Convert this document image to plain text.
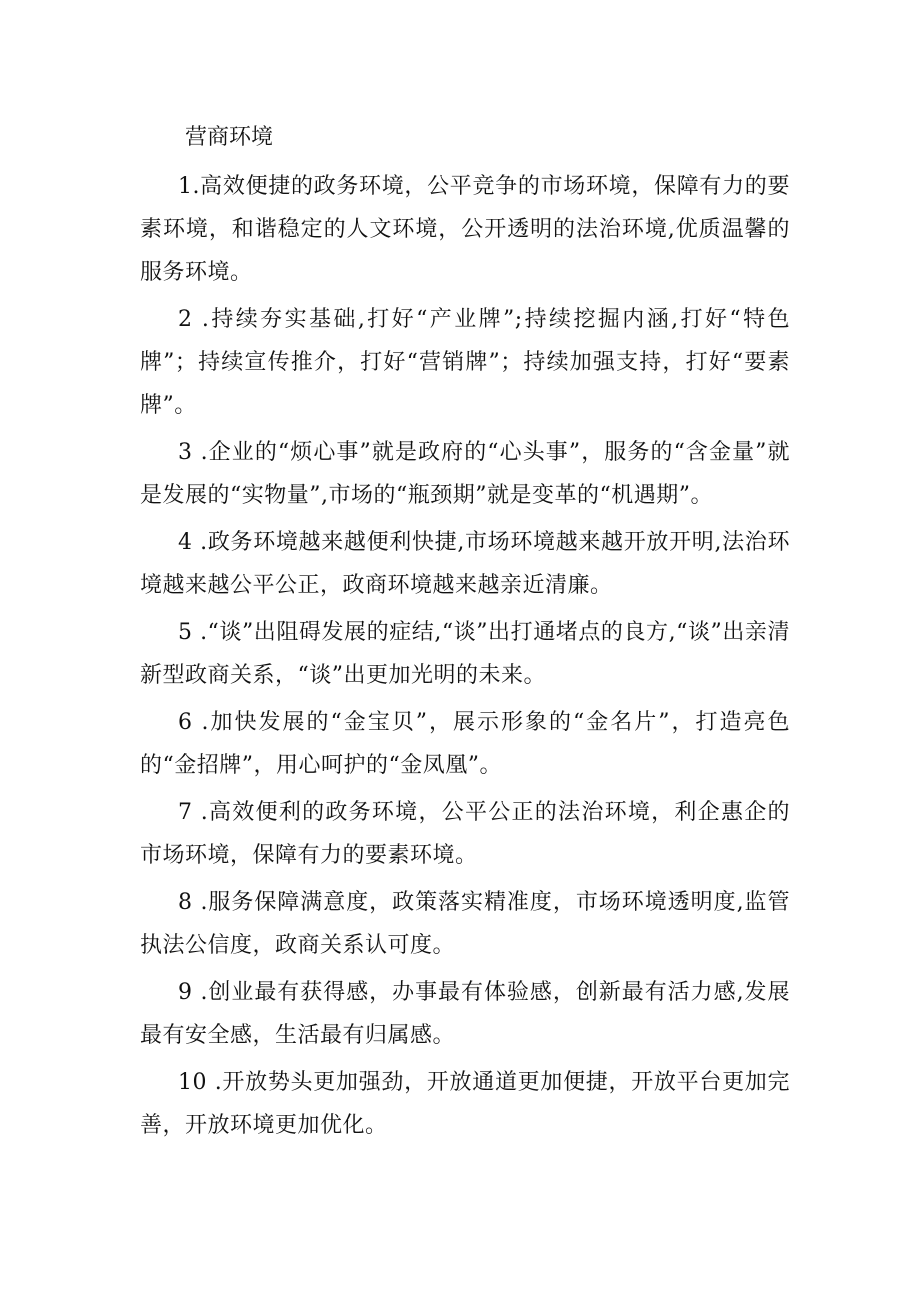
营商环境

1.高效便捷的政务环境，公平竞争的市场环境，保障有力的要素环境，和谐稳定的人文环境，公开透明的法治环境,优质温馨的服务环境。

2 .持续夯实基础,打好“产业牌”;持续挖掘内涵,打好“特色牌”；持续宣传推介，打好“营销牌”；持续加强支持，打好“要素牌”。

3 .企业的“烦心事”就是政府的“心头事”，服务的“含金量”就是发展的“实物量”,市场的“瓶颈期”就是变革的“机遇期”。

4 .政务环境越来越便利快捷,市场环境越来越开放开明,法治环境越来越公平公正，政商环境越来越亲近清廉。

5 .“谈”出阻碍发展的症结,“谈”出打通堵点的良方,“谈”出亲清新型政商关系，“谈”出更加光明的未来。

6 .加快发展的“金宝贝”，展示形象的“金名片”，打造亮色的“金招牌”，用心呵护的“金凤凰”。

7 .高效便利的政务环境，公平公正的法治环境，利企惠企的市场环境，保障有力的要素环境。

8 .服务保障满意度，政策落实精准度，市场环境透明度,监管执法公信度，政商关系认可度。

9 .创业最有获得感，办事最有体验感，创新最有活力感,发展最有安全感，生活最有归属感。

10 .开放势头更加强劲，开放通道更加便捷，开放平台更加完善，开放环境更加优化。
